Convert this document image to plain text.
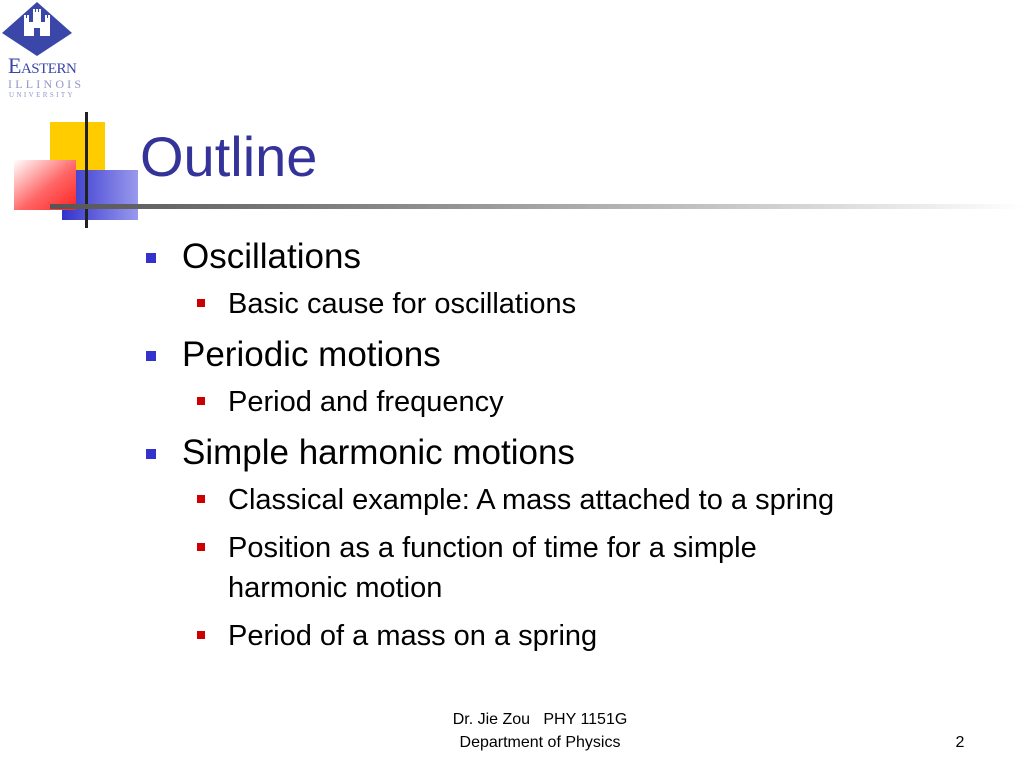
Eastern
ILLINOIS
UNIVERSITY
Outline
Oscillations
Basic cause for oscillations
Periodic motions
Period and frequency
Simple harmonic motions
Classical example: A mass attached to a spring
Position as a function of time for a simple harmonic motion
Period of a mass on a spring
Dr. Jie Zou   PHY 1151G
Department of Physics	2
